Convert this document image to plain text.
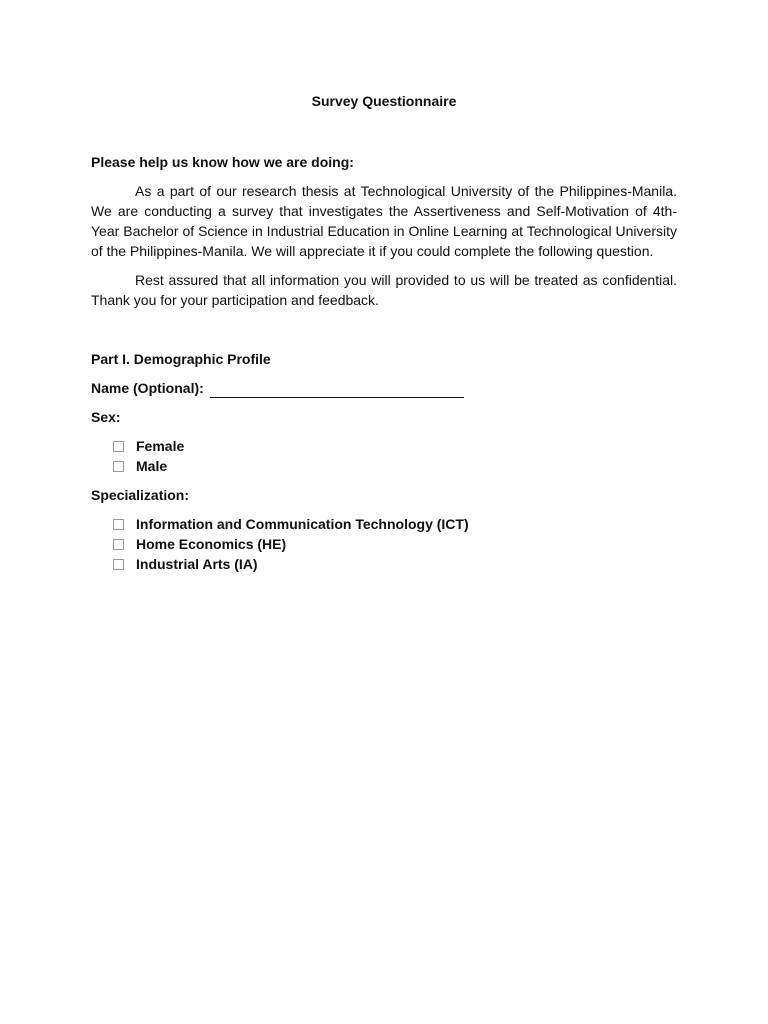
Survey Questionnaire

Please help us know how we are doing:

As a part of our research thesis at Technological University of the Philippines-Manila. We are conducting a survey that investigates the Assertiveness and Self-Motivation of 4th-Year Bachelor of Science in Industrial Education in Online Learning at Technological University of the Philippines-Manila. We will appreciate it if you could complete the following question.

Rest assured that all information you will provided to us will be treated as confidential. Thank you for your participation and feedback.

Part I. Demographic Profile

Name (Optional):

Sex:

Female
Male

Specialization:

Information and Communication Technology (ICT)
Home Economics (HE)
Industrial Arts (IA)
